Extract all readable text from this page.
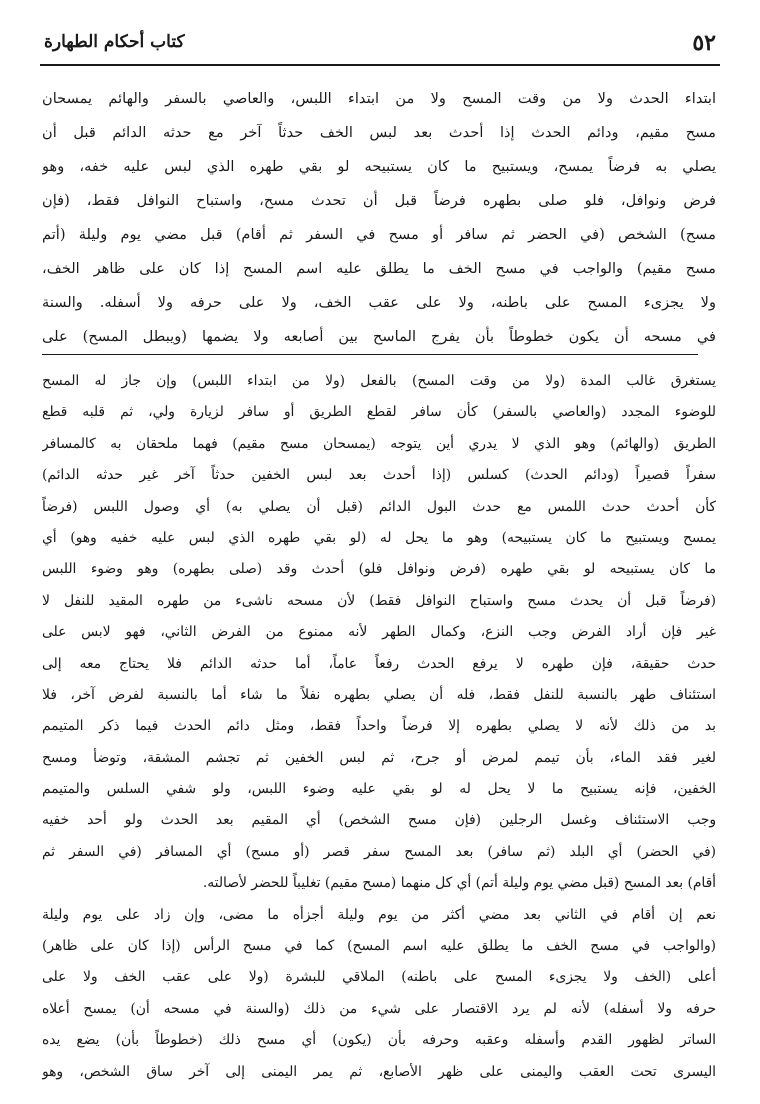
٥٢
كتاب أحكام الطهارة
ابتداء الحدث ولا من وقت المسح ولا من ابتداء اللبس، والعاصي بالسفر والهائم يمسحان
مسح مقيم، ودائم الحدث إذا أحدث بعد لبس الخف حدثاً آخر مع حدثه الدائم قبل أن
يصلي به فرضاً يمسح، ويستبيح ما كان يستبيحه لو بقي طهره الذي لبس عليه خفه، وهو
فرض ونوافل، فلو صلى بطهره فرضاً قبل أن تحدث مسح، واستباح النوافل فقط، (فإن
مسح) الشخص (في الحضر ثم سافر أو مسح في السفر ثم أقام) قبل مضي يوم وليلة (أتم
مسح مقيم) والواجب في مسح الخف ما يطلق عليه اسم المسح إذا كان على ظاهر الخف،
ولا يجزىء المسح على باطنه، ولا على عقب الخف، ولا على حرفه ولا أسفله. والسنة
في مسحه أن يكون خطوطاً بأن يفرج الماسح بين أصابعه ولا يضمها (ويبطل المسح) على
يستغرق غالب المدة (ولا من وقت المسح) بالفعل (ولا من ابتداء اللبس) وإن جاز له المسح
للوضوء المجدد (والعاصي بالسفر) كأن سافر لقطع الطريق أو سافر لزيارة ولي، ثم قلبه قطع
الطريق (والهائم) وهو الذي لا يدري أين يتوجه (يمسحان مسح مقيم) فهما ملحقان به كالمسافر
سفراً قصيراً (ودائم الحدث) كسلس (إذا أحدث بعد لبس الخفين حدثاً آخر غير حدثه الدائم)
كأن أحدث حدث اللمس مع حدث البول الدائم (قبل أن يصلي به) أي وصول اللبس (فرضاً
يمسح ويستبيح ما كان يستبيحه) وهو ما يحل له (لو بقي طهره الذي لبس عليه خفيه وهو) أي
ما كان يستبيحه لو بقي طهره (فرض ونوافل فلو) أحدث وقد (صلى بطهره) وهو وضوء اللبس
(فرضاً قبل أن يحدث مسح واستباح النوافل فقط) لأن مسحه ناشىء من طهره المقيد للنفل لا
غير فإن أراد الفرض وجب النزع، وكمال الطهر لأنه ممنوع من الفرض الثاني، فهو لابس على
حدث حقيقة، فإن طهره لا يرفع الحدث رفعاً عاماً، أما حدثه الدائم فلا يحتاج معه إلى
استئناف طهر بالنسبة للنفل فقط، فله أن يصلي بطهره نفلاً ما شاء أما بالنسبة لفرض آخر، فلا
بد من ذلك لأنه لا يصلي بطهره إلا فرضاً واحداً فقط، ومثل دائم الحدث فيما ذكر المتيمم
لغير فقد الماء، بأن تيمم لمرض أو جرح، ثم لبس الخفين ثم تجشم المشقة، وتوضأ ومسح
الخفين، فإنه يستبيح ما لا يحل له لو بقي عليه وضوء اللبس، ولو شفي السلس والمتيمم
وجب الاستئناف وغسل الرجلين (فإن مسح الشخص) أي المقيم بعد الحدث ولو أحد خفيه
(في الحضر) أي البلد (ثم سافر) بعد المسح سفر قصر (أو مسح) أي المسافر (في السفر ثم
أقام) بعد المسح (قبل مضي يوم وليلة أتم) أي كل منهما (مسح مقيم) تغليباً للحضر لأصالته.
نعم إن أقام في الثاني بعد مضي أكثر من يوم وليلة أجزأه ما مضى، وإن زاد على يوم وليلة
(والواجب في مسح الخف ما يطلق عليه اسم المسح) كما في مسح الرأس (إذا كان على ظاهر)
أعلى (الخف ولا يجزىء المسح على باطنه) الملاقي للبشرة (ولا على عقب الخف ولا على
حرفه ولا أسفله) لأنه لم يرد الاقتصار على شيء من ذلك (والسنة في مسحه أن) يمسح أعلاه
الساتر لظهور القدم وأسفله وعقبه وحرفه بأن (يكون) أي مسح ذلك (خطوطاً بأن) يضع يده
اليسرى تحت العقب واليمنى على ظهر الأصابع، ثم يمر اليمنى إلى آخر ساق الشخص، وهو
